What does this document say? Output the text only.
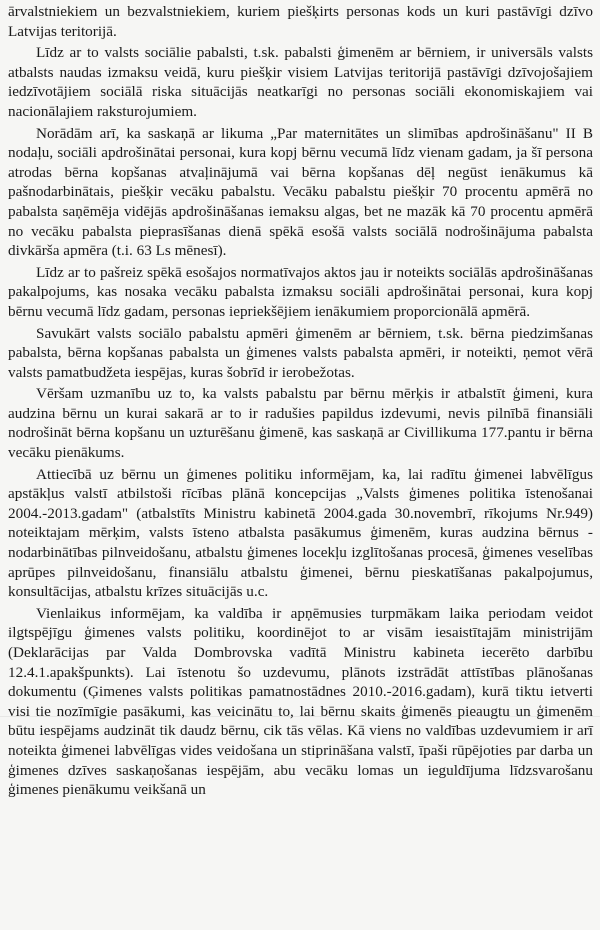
ārvalstniekiem un bezvalstniekiem, kuriem piešķirts personas kods un kuri pastāvīgi dzīvo Latvijas teritorijā.

Līdz ar to valsts sociālie pabalsti, t.sk. pabalsti ģimenēm ar bērniem, ir universāls valsts atbalsts naudas izmaksu veidā, kuru piešķir visiem Latvijas teritorijā pastāvīgi dzīvojošajiem iedzīvotājiem sociālā riska situācijās neatkarīgi no personas sociāli ekonomiskajiem vai nacionālajiem raksturojumiem.

Norādām arī, ka saskaņā ar likuma „Par maternitātes un slimības apdrošināšanu" II B nodaļu, sociāli apdrošinātai personai, kura kopj bērnu vecumā līdz vienam gadam, ja šī persona atrodas bērna kopšanas atvaļinājumā vai bērna kopšanas dēļ negūst ienākumus kā pašnodarbinātais, piešķir vecāku pabalstu. Vecāku pabalstu piešķir 70 procentu apmērā no pabalsta saņēmēja vidējās apdrošināšanas iemaksu algas, bet ne mazāk kā 70 procentu apmērā no vecāku pabalsta pieprasīšanas dienā spēkā esošā valsts sociālā nodrošinājuma pabalsta divkārša apmēra (t.i. 63 Ls mēnesī).

Līdz ar to pašreiz spēkā esošajos normatīvajos aktos jau ir noteikts sociālās apdrošināšanas pakalpojums, kas nosaka vecāku pabalsta izmaksu sociāli apdrošinātai personai, kura kopj bērnu vecumā līdz gadam, personas iepriekšējiem ienākumiem proporcionālā apmērā.

Savukārt valsts sociālo pabalstu apmēri ģimenēm ar bērniem, t.sk. bērna piedzimšanas pabalsta, bērna kopšanas pabalsta un ģimenes valsts pabalsta apmēri, ir noteikti, ņemot vērā valsts pamatbudžeta iespējas, kuras šobrīd ir ierobežotas.

Vēršam uzmanību uz to, ka valsts pabalstu par bērnu mērķis ir atbalstīt ģimeni, kura audzina bērnu un kurai sakarā ar to ir radušies papildus izdevumi, nevis pilnībā finansiāli nodrošināt bērna kopšanu un uzturēšanu ģimenē, kas saskaņā ar Civillikuma 177.pantu ir bērna vecāku pienākums.

Attiecībā uz bērnu un ģimenes politiku informējam, ka, lai radītu ģimenei labvēlīgus apstākļus valstī atbilstoši rīcības plānā koncepcijas „Valsts ģimenes politika īstenošanai 2004.-2013.gadam" (atbalstīts Ministru kabinetā 2004.gada 30.novembrī, rīkojums Nr.949) noteiktajam mērķim, valsts īsteno atbalsta pasākumus ģimenēm, kuras audzina bērnus - nodarbinātības pilnveidošanu, atbalstu ģimenes locekļu izglītošanas procesā, ģimenes veselības aprūpes pilnveidošanu, finansiālu atbalstu ģimenei, bērnu pieskatīšanas pakalpojumus, konsultācijas, atbalstu krīzes situācijās u.c.

Vienlaikus informējam, ka valdība ir apņēmusies turpmākam laika periodam veidot ilgtspējīgu ģimenes valsts politiku, koordinējot to ar visām iesaistītajām ministrijām (Deklarācijas par Valda Dombrovska vadītā Ministru kabineta iecerēto darbību 12.4.1.apakšpunkts). Lai īstenotu šo uzdevumu, plānots izstrādāt attīstības plānošanas dokumentu (Ģimenes valsts politikas pamatnostādnes 2010.-2016.gadam), kurā tiktu ietverti visi tie nozīmīgie pasākumi, kas veicinātu to, lai bērnu skaits ģimenēs pieaugtu un ģimenēm būtu iespējams audzināt tik daudz bērnu, cik tās vēlas. Kā viens no valdības uzdevumiem ir arī noteikta ģimenei labvēlīgas vides veidošana un stiprināšana valstī, īpaši rūpējoties par darba un ģimenes dzīves saskaņošanas iespējām, abu vecāku lomas un ieguldījuma līdzsvarošanu ģimenes pienākumu veikšanā un
